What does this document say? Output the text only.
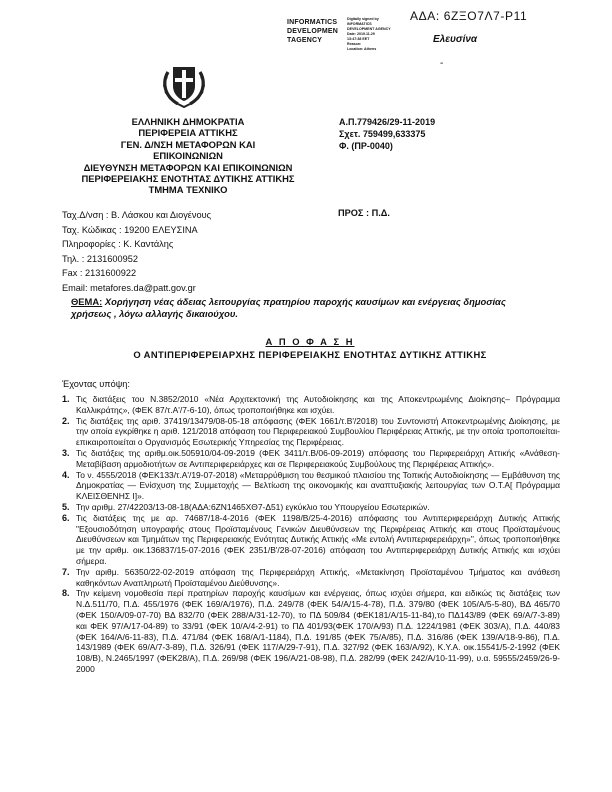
ΑΔΑ: 6ΖΞΟ7Λ7-Ρ11
INFORMATICS
DEVELOPMEN
TAGENCY
Digitally signed by
INFORMATICS
DEVELOPMENT AGENCY
Date: 2019.11.29
13:47:38 EET
Reason:
Location: Athens
Ελευσίνα
-
ΕΛΛΗΝΙΚΗ ΔΗΜΟΚΡΑΤΙΑ
ΠΕΡΙΦΕΡΕΙΑ ΑΤΤΙΚΗΣ
ΓΕΝ. Δ/ΝΣΗ ΜΕΤΑΦΟΡΩΝ ΚΑΙ
ΕΠΙΚΟΙΝΩΝΙΩΝ
ΔΙΕΥΘΥΝΣΗ ΜΕΤΑΦΟΡΩΝ ΚΑΙ ΕΠΙΚΟΙΝΩΝΙΩΝ
ΠΕΡΙΦΕΡΕΙΑΚΗΣ ΕΝΟΤΗΤΑΣ ΔΥΤΙΚΗΣ ΑΤΤΙΚΗΣ
ΤΜΗΜΑ ΤΕΧΝΙΚΟ
Α.Π.779426/29-11-2019
Σχετ. 759499,633375
Φ. (ΠΡ-0040)
Ταχ.Δ/νση : Β. Λάσκου και Διογένους
Ταχ. Κώδικας : 19200 ΕΛΕΥΣΙΝΑ
Πληροφορίες : Κ. Καντάλης
Τηλ. : 2131600952
Fax : 2131600922
Email: metafores.da@patt.gov.gr
ΠΡΟΣ : Π.Δ.
ΘΕΜΑ: Χορήγηση νέας άδειας λειτουργίας πρατηρίου παροχής καυσίμων και ενέργειας δημοσίας χρήσεως , λόγω αλλαγής δικαιούχου.
Α Π Ο Φ Α Σ Η
Ο ΑΝΤΙΠΕΡΙΦΕΡΕΙΑΡΧΗΣ ΠΕΡΙΦΕΡΕΙΑΚΗΣ ΕΝΟΤΗΤΑΣ ΔΥΤΙΚΗΣ ΑΤΤΙΚΗΣ
Έχοντας υπόψη:
1. Τις διατάξεις του Ν.3852/2010 «Νέα Αρχιτεκτονική της Αυτοδιοίκησης και της Αποκεντρωμένης Διοίκησης– Πρόγραμμα Καλλικράτης», (ΦΕΚ 87/τ.Α'/7-6-10), όπως τροποποιήθηκε και ισχύει.
2. Τις διατάξεις της αριθ. 37419/13479/08-05-18 απόφασης (ΦΕΚ 1661/τ.Β'/2018) του Συντονιστή Αποκεντρωμένης Διοίκησης, με την οποία εγκρίθηκε η αριθ. 121/2018 απόφαση του Περιφερειακού Συμβουλίου Περιφέρειας Αττικής, με την οποία τροποποιείται-επικαιροποιείται ο Οργανισμός Εσωτερικής Υπηρεσίας της Περιφέρειας.
3. Τις διατάξεις της αριθμ.οικ.505910/04-09-2019 (ΦΕΚ 3411/τ.Β/06-09-2019) απόφασης του Περιφερειάρχη Αττικής «Ανάθεση-Μεταβίβαση αρμοδιοτήτων σε Αντιπεριφερειάρχες και σε Περιφερειακούς Συμβούλους της Περιφέρειας Αττικής».
4. Το ν. 4555/2018 (ΦΕΚ133/τ.Α'/19-07-2018) «Μεταρρύθμιση του θεσμικού πλαισίου της Τοπικής Αυτοδιοίκησης — Εμβάθυνση της Δημοκρατίας — Ενίσχυση της Συμμετοχής — Βελτίωση της οικονομικής και αναπτυξιακής λειτουργίας των Ο.Τ.Α[ Πρόγραμμα ΚΛΕΙΣΘΕΝΗΣ Ι]».
5. Την αριθμ. 27/42203/13-08-18(ΑΔΑ:6ΖΝ1465ΧΘ7-Δ51) εγκύκλιο του Υπουργείου Εσωτερικών.
6. Τις διατάξεις της με αρ. 74687/18-4-2016 (ΦΕΚ 1198/Β/25-4-2016) απόφασης του Αντιπεριφερειάρχη Δυτικής Αττικής "Εξουσιοδότηση υπογραφής στους Προϊσταμένους Γενικών Διευθύνσεων της Περιφέρειας Αττικής και στους Προϊσταμένους Διευθύνσεων και Τμημάτων της Περιφερειακής Ενότητας Δυτικής Αττικής «Με εντολή Αντιπεριφερειάρχη»", όπως τροποποιήθηκε με την αριθμ. οικ.136837/15-07-2016 (ΦΕΚ 2351/Β'/28-07-2016) απόφαση του Αντιπεριφερειάρχη Δυτικής Αττικής και ισχύει σήμερα.
7. Την αριθμ. 56350/22-02-2019 απόφαση της Περιφερειάρχη Αττικής, «Μετακίνηση Προϊσταμένου Τμήματος και ανάθεση καθηκόντων Αναπληρωτή Προϊσταμένου Διεύθυνσης».
8. Την κείμενη νομοθεσία περί πρατηρίων παροχής καυσίμων και ενέργειας, όπως ισχύει σήμερα, και ειδικώς τις διατάξεις των Ν.Δ.511/70, Π.Δ. 455/1976 (ΦΕΚ 169/Α/1976), Π.Δ. 249/78 (ΦΕΚ 54/Α/15-4-78), Π.Δ. 379/80 (ΦΕΚ 105/Α/5-5-80), ΒΔ 465/70 (ΦΕΚ 150/Α/09-07-70) ΒΔ 832/70 (ΦΕΚ 288/Α/31-12-70), το ΠΔ 509/84 (ΦΕΚ181/Α/15-11-84),το ΠΔ143/89 (ΦΕΚ 69/Α/7-3-89) και ΦΕΚ 97/Α/17-04-89) το 33/91 (ΦΕΚ 10/Α/4-2-91) το ΠΔ 401/93(ΦΕΚ 170/Α/93) Π.Δ. 1224/1981 (ΦΕΚ 303/Α), Π.Δ. 440/83 (ΦΕΚ 164/Α/6-11-83), Π.Δ. 471/84 (ΦΕΚ 168/Α/1-1184), Π.Δ. 191/85 (ΦΕΚ 75/Α/85), Π.Δ. 316/86 (ΦΕΚ 139/Α/18-9-86), Π.Δ. 143/1989 (ΦΕΚ 69/Α/7-3-89), Π.Δ. 326/91 (ΦΕΚ 117/Α/29-7-91), Π.Δ. 327/92 (ΦΕΚ 163/Α/92), Κ.Υ.Α. οικ.15541/5-2-1992 (ΦΕΚ 108/Β), Ν.2465/1997 (ΦΕΚ28/Α), Π.Δ. 269/98 (ΦΕΚ 196/Α/21-08-98), Π.Δ. 282/99 (ΦΕΚ 242/Α/10-11-99), υ.α. 59555/2459/26-9-2000
